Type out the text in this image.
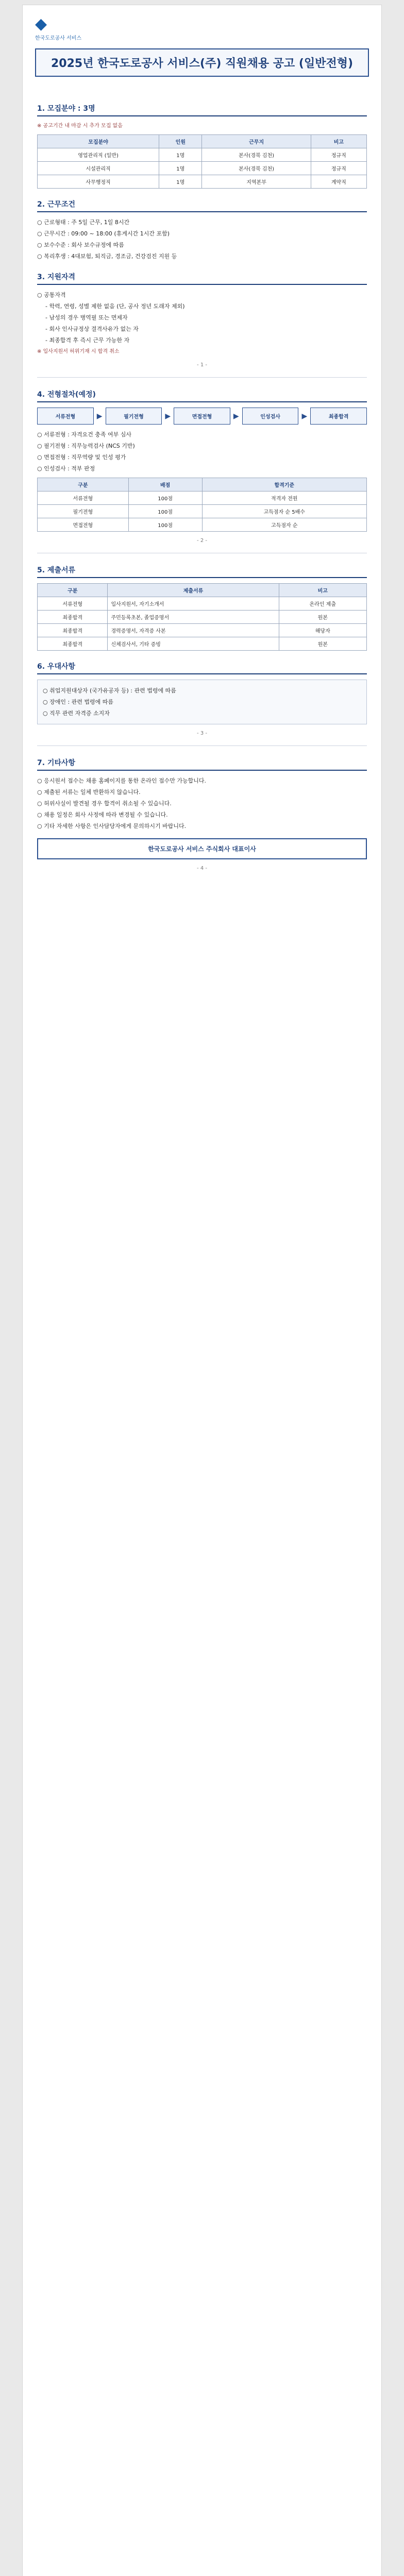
◆
한국도로공사 서비스
2025년 한국도로공사 서비스(주) 직원채용 공고 (일반전형)
1. 모집분야 : 3명
※ 공고기간 내 마감 시 추가 모집 없음
모집분야	인원	근무지	비고
영업관리직 (일반)	1명	본사(경북 김천)	정규직
시설관리직	1명	본사(경북 김천)	정규직
사무행정직	1명	지역본부	계약직
2. 근무조건
○ 근로형태 : 주 5일 근무, 1일 8시간
○ 근무시간 : 09:00 ~ 18:00 (휴게시간 1시간 포함)
○ 보수수준 : 회사 보수규정에 따름
○ 복리후생 : 4대보험, 퇴직금, 경조금, 건강검진 지원 등
3. 지원자격
○ 공통자격
- 학력, 연령, 성별 제한 없음 (단, 공사 정년 도래자 제외)
- 남성의 경우 병역필 또는 면제자
- 회사 인사규정상 결격사유가 없는 자
- 최종합격 후 즉시 근무 가능한 자
※ 입사지원서 허위기재 시 합격 취소
- 1 -
4. 전형절차(예정)
서류전형	▶	필기전형	▶	면접전형	▶	인성검사	▶	최종합격
○ 서류전형 : 자격요건 충족 여부 심사
○ 필기전형 : 직무능력검사 (NCS 기반)
○ 면접전형 : 직무역량 및 인성 평가
○ 인성검사 : 적부 판정
구분	배점	합격기준
서류전형	100점	적격자 전원
필기전형	100점	고득점자 순 5배수
면접전형	100점	고득점자 순
- 2 -
5. 제출서류
구분	제출서류	비고
서류전형	입사지원서, 자기소개서	온라인 제출
최종합격	주민등록초본, 졸업증명서	원본
최종합격	경력증명서, 자격증 사본	해당자
최종합격	신체검사서, 기타 증빙	원본
6. 우대사항
○ 취업지원대상자 (국가유공자 등) : 관련 법령에 따름
○ 장애인 : 관련 법령에 따름
○ 직무 관련 자격증 소지자
- 3 -
7. 기타사항
○ 응시원서 접수는 채용 홈페이지를 통한 온라인 접수만 가능합니다.
○ 제출된 서류는 일체 반환하지 않습니다.
○ 허위사실이 발견될 경우 합격이 취소될 수 있습니다.
○ 채용 일정은 회사 사정에 따라 변경될 수 있습니다.
○ 기타 자세한 사항은 인사담당자에게 문의하시기 바랍니다.
한국도로공사 서비스 주식회사 대표이사
- 4 -
